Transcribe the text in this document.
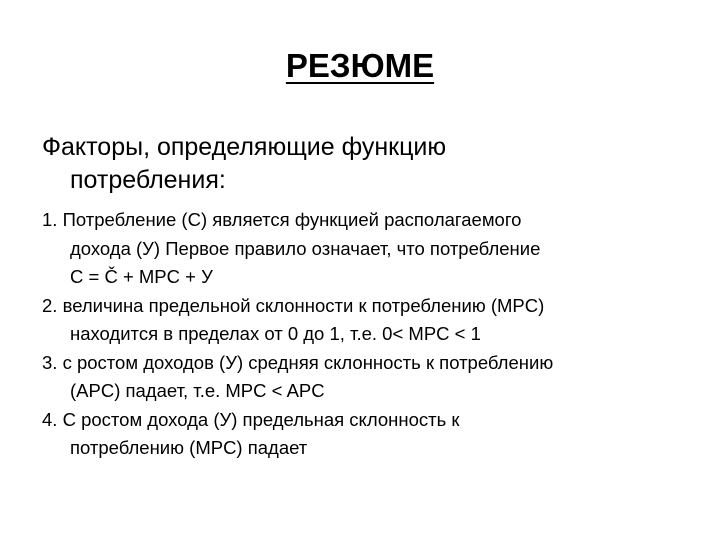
РЕЗЮМЕ
Факторы, определяющие функцию
потребления:
1. Потребление (С) является функцией располагаемого
дохода (У) Первое правило означает, что потребление
С = Č + MPC + У
2. величина предельной склонности к потреблению (MPC)
находится в пределах от 0 до 1, т.е. 0< MPC < 1
3. с ростом доходов (У) средняя склонность к потреблению
(APC) падает, т.е. MPC < APC
4. С ростом дохода (У) предельная склонность к
потреблению (MPC) падает
